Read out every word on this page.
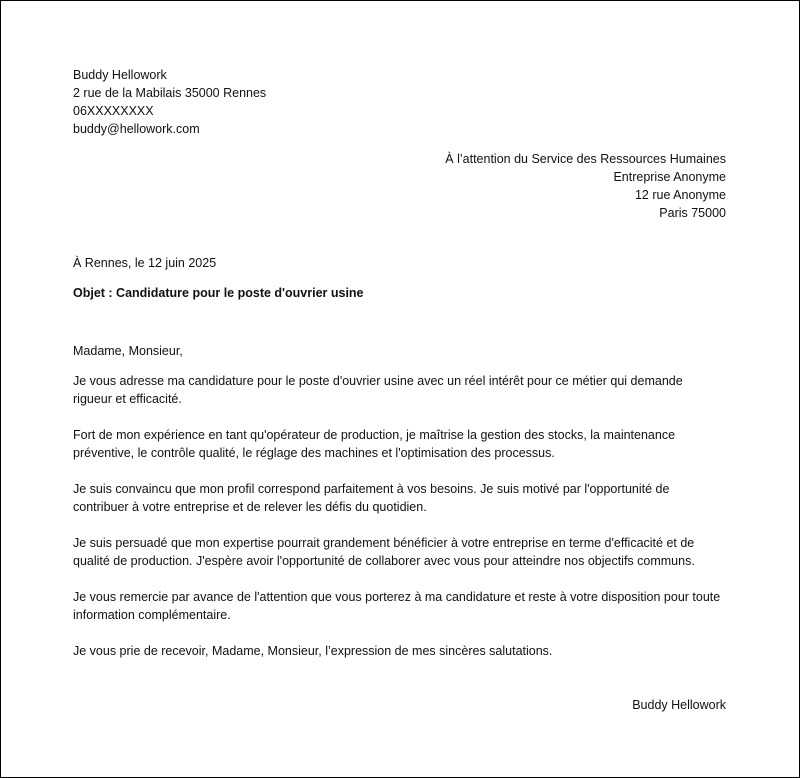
Buddy Hellowork

2 rue de la Mabilais 35000 Rennes

06XXXXXXXX

buddy@hellowork.com

À l’attention du Service des Ressources Humaines

Entreprise Anonyme

12 rue Anonyme

Paris 75000

À Rennes, le 12 juin 2025

Objet : Candidature pour le poste d'ouvrier usine

Madame, Monsieur,

Je vous adresse ma candidature pour le poste d'ouvrier usine avec un réel intérêt pour ce métier qui demande rigueur et efficacité.

Fort de mon expérience en tant qu'opérateur de production, je maîtrise la gestion des stocks, la maintenance préventive, le contrôle qualité, le réglage des machines et l'optimisation des processus.

Je suis convaincu que mon profil correspond parfaitement à vos besoins. Je suis motivé par l'opportunité de contribuer à votre entreprise et de relever les défis du quotidien.

Je suis persuadé que mon expertise pourrait grandement bénéficier à votre entreprise en terme d'efficacité et de qualité de production. J'espère avoir l'opportunité de collaborer avec vous pour atteindre nos objectifs communs.

Je vous remercie par avance de l'attention que vous porterez à ma candidature et reste à votre disposition pour toute information complémentaire.

Je vous prie de recevoir, Madame, Monsieur, l’expression de mes sincères salutations.

Buddy Hellowork
